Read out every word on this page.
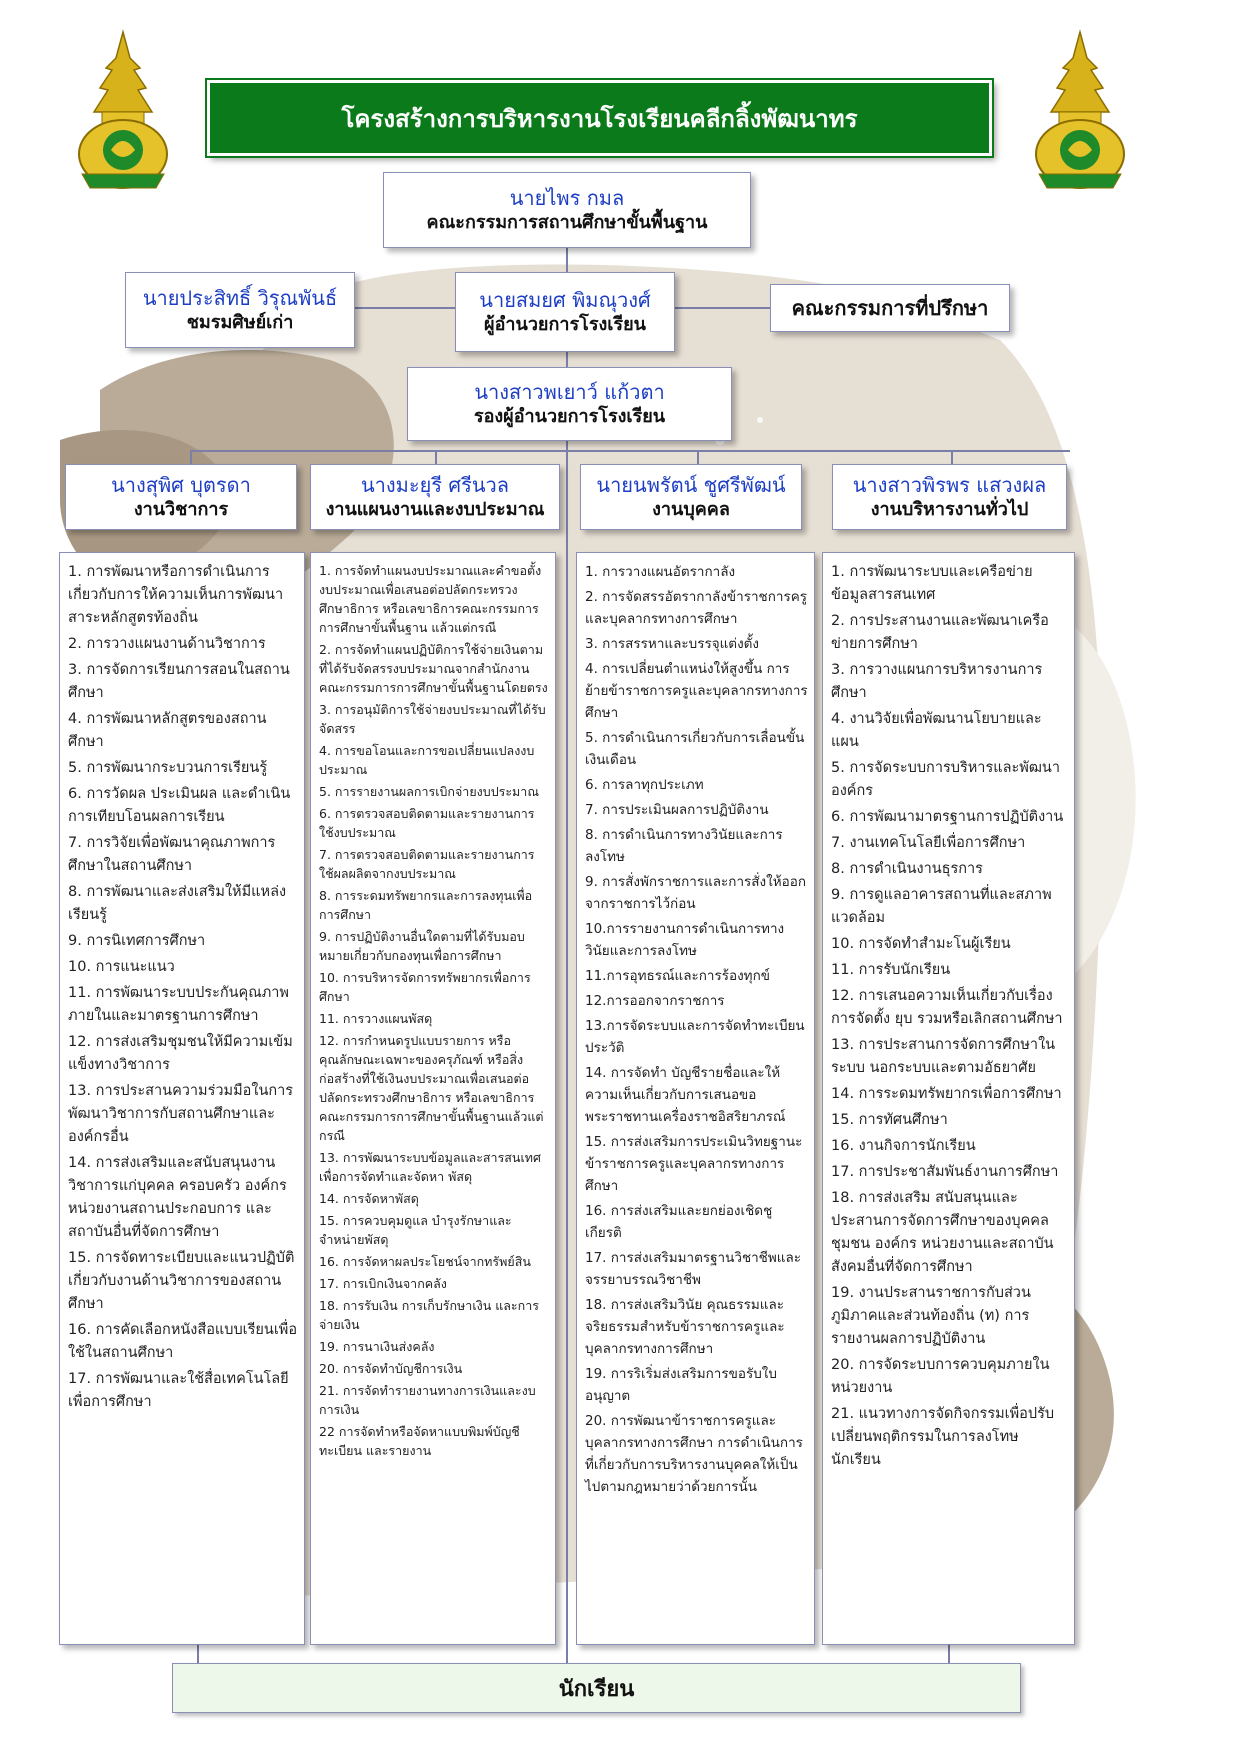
โครงสร้างการบริหารงานโรงเรียนคลีกลิ้งพัฒนาทร
นายไพร กมล
คณะกรรมการสถานศึกษาขั้นพื้นฐาน
นายประสิทธิ์ วิรุณพันธ์
ชมรมศิษย์เก่า
นายสมยศ พิมณุวงศ์
ผู้อำนวยการโรงเรียน
คณะกรรมการที่ปรึกษา
นางสาวพเยาว์ แก้วตา
รองผู้อำนวยการโรงเรียน
นางสุพิศ บุตรดา
งานวิชาการ
นางมะยุรี ศรีนวล
งานแผนงานและงบประมาณ
นายนพรัตน์ ชูศรีพัฒน์
งานบุคคล
นางสาวพิรพร แสวงผล
งานบริหารงานทั่วไป
1. การพัฒนาหรือการดำเนินการเกี่ยวกับการให้ความเห็นการพัฒนาสาระหลักสูตรท้องถิ่น
2. การวางแผนงานด้านวิชาการ
3. การจัดการเรียนการสอนในสถานศึกษา
4. การพัฒนาหลักสูตรของสถานศึกษา
5. การพัฒนากระบวนการเรียนรู้
6. การวัดผล ประเมินผล และดำเนินการเทียบโอนผลการเรียน
7. การวิจัยเพื่อพัฒนาคุณภาพการศึกษาในสถานศึกษา
8. การพัฒนาและส่งเสริมให้มีแหล่งเรียนรู้
9. การนิเทศการศึกษา
10. การแนะแนว
11. การพัฒนาระบบประกันคุณภาพภายในและมาตรฐานการศึกษา
12. การส่งเสริมชุมชนให้มีความเข้มแข็งทางวิชาการ
13. การประสานความร่วมมือในการพัฒนาวิชาการกับสถานศึกษาและองค์กรอื่น
14. การส่งเสริมและสนับสนุนงานวิชาการแก่บุคคล ครอบครัว องค์กร หน่วยงานสถานประกอบการ และสถาบันอื่นที่จัดการศึกษา
15. การจัดทาระเบียบและแนวปฏิบัติเกี่ยวกับงานด้านวิชาการของสถานศึกษา
16. การคัดเลือกหนังสือแบบเรียนเพื่อใช้ในสถานศึกษา
17. การพัฒนาและใช้สื่อเทคโนโลยีเพื่อการศึกษา
1. การจัดทำแผนงบประมาณและคำขอตั้งงบประมาณเพื่อเสนอต่อปลัดกระทรวงศึกษาธิการ หรือเลขาธิการคณะกรรมการการศึกษาขั้นพื้นฐาน แล้วแต่กรณี
2. การจัดทำแผนปฏิบัติการใช้จ่ายเงินตามที่ได้รับจัดสรรงบประมาณจากสำนักงานคณะกรรมการการศึกษาขั้นพื้นฐานโดยตรง
3. การอนุมัติการใช้จ่ายงบประมาณที่ได้รับจัดสรร
4. การขอโอนและการขอเปลี่ยนแปลงงบประมาณ
5. การรายงานผลการเบิกจ่ายงบประมาณ
6. การตรวจสอบติดตามและรายงานการใช้งบประมาณ
7. การตรวจสอบติดตามและรายงานการใช้ผลผลิตจากงบประมาณ
8. การระดมทรัพยากรและการลงทุนเพื่อการศึกษา
9. การปฏิบัติงานอื่นใดตามที่ได้รับมอบหมายเกี่ยวกับกองทุนเพื่อการศึกษา
10. การบริหารจัดการทรัพยากรเพื่อการศึกษา
11. การวางแผนพัสดุ
12. การกำหนดรูปแบบรายการ หรือคุณลักษณะเฉพาะของครุภัณฑ์ หรือสิ่งก่อสร้างที่ใช้เงินงบประมาณเพื่อเสนอต่อปลัดกระทรวงศึกษาธิการ หรือเลขาธิการคณะกรรมการการศึกษาขั้นพื้นฐานแล้วแต่กรณี
13. การพัฒนาระบบข้อมูลและสารสนเทศเพื่อการจัดทำและจัดหา พัสดุ
14. การจัดหาพัสดุ
15. การควบคุมดูแล บำรุงรักษาและจำหน่ายพัสดุ
16. การจัดหาผลประโยชน์จากทรัพย์สิน
17. การเบิกเงินจากคลัง
18. การรับเงิน การเก็บรักษาเงิน และการจ่ายเงิน
19. การนาเงินส่งคลัง
20. การจัดทำบัญชีการเงิน
21. การจัดทำรายงานทางการเงินและงบการเงิน
22 การจัดทำหรือจัดหาแบบพิมพ์บัญชีทะเบียน และรายงาน
1. การวางแผนอัตรากาลัง
2. การจัดสรรอัตรากาลังข้าราชการครูและบุคลากรทางการศึกษา
3. การสรรหาและบรรจุแต่งตั้ง
4. การเปลี่ยนตำแหน่งให้สูงขึ้น การย้ายข้าราชการครูและบุคลากรทางการศึกษา
5. การดำเนินการเกี่ยวกับการเลื่อนขั้นเงินเดือน
6. การลาทุกประเภท
7. การประเมินผลการปฏิบัติงาน
8. การดำเนินการทางวินัยและการลงโทษ
9. การสั่งพักราชการและการสั่งให้ออกจากราชการไว้ก่อน
10.การรายงานการดำเนินการทางวินัยและการลงโทษ
11.การอุทธรณ์และการร้องทุกข์
12.การออกจากราชการ
13.การจัดระบบและการจัดทำทะเบียนประวัติ
14. การจัดทำ บัญชีรายชื่อและให้ความเห็นเกี่ยวกับการเสนอขอพระราชทานเครื่องราชอิสริยาภรณ์
15. การส่งเสริมการประเมินวิทยฐานะข้าราชการครูและบุคลากรทางการศึกษา
16. การส่งเสริมและยกย่องเชิดชูเกียรติ
17. การส่งเสริมมาตรฐานวิชาชีพและจรรยาบรรณวิชาชีพ
18. การส่งเสริมวินัย คุณธรรมและจริยธรรมสำหรับข้าราชการครูและบุคลากรทางการศึกษา
19. การริเริ่มส่งเสริมการขอรับใบอนุญาต
20. การพัฒนาข้าราชการครูและบุคลากรทางการศึกษา การดำเนินการที่เกี่ยวกับการบริหารงานบุคคลให้เป็นไปตามกฎหมายว่าด้วยการนั้น
1. การพัฒนาระบบและเครือข่ายข้อมูลสารสนเทศ
2. การประสานงานและพัฒนาเครือข่ายการศึกษา
3. การวางแผนการบริหารงานการศึกษา
4. งานวิจัยเพื่อพัฒนานโยบายและแผน
5. การจัดระบบการบริหารและพัฒนาองค์กร
6. การพัฒนามาตรฐานการปฏิบัติงาน
7. งานเทคโนโลยีเพื่อการศึกษา
8. การดำเนินงานธุรการ
9. การดูแลอาคารสถานที่และสภาพแวดล้อม
10. การจัดทำสำมะโนผู้เรียน
11. การรับนักเรียน
12. การเสนอความเห็นเกี่ยวกับเรื่องการจัดตั้ง ยุบ รวมหรือเลิกสถานศึกษา
13. การประสานการจัดการศึกษาในระบบ นอกระบบและตามอัธยาศัย
14. การระดมทรัพยากรเพื่อการศึกษา
15. การทัศนศึกษา
16. งานกิจการนักเรียน
17. การประชาสัมพันธ์งานการศึกษา
18. การส่งเสริม สนับสนุนและประสานการจัดการศึกษาของบุคคล ชุมชน องค์กร หน่วยงานและสถาบันสังคมอื่นที่จัดการศึกษา
19. งานประสานราชการกับส่วนภูมิภาคและส่วนท้องถิ่น (ท) การรายงานผลการปฏิบัติงาน
20. การจัดระบบการควบคุมภายในหน่วยงาน
21. แนวทางการจัดกิจกรรมเพื่อปรับเปลี่ยนพฤติกรรมในการลงโทษนักเรียน
นักเรียน
